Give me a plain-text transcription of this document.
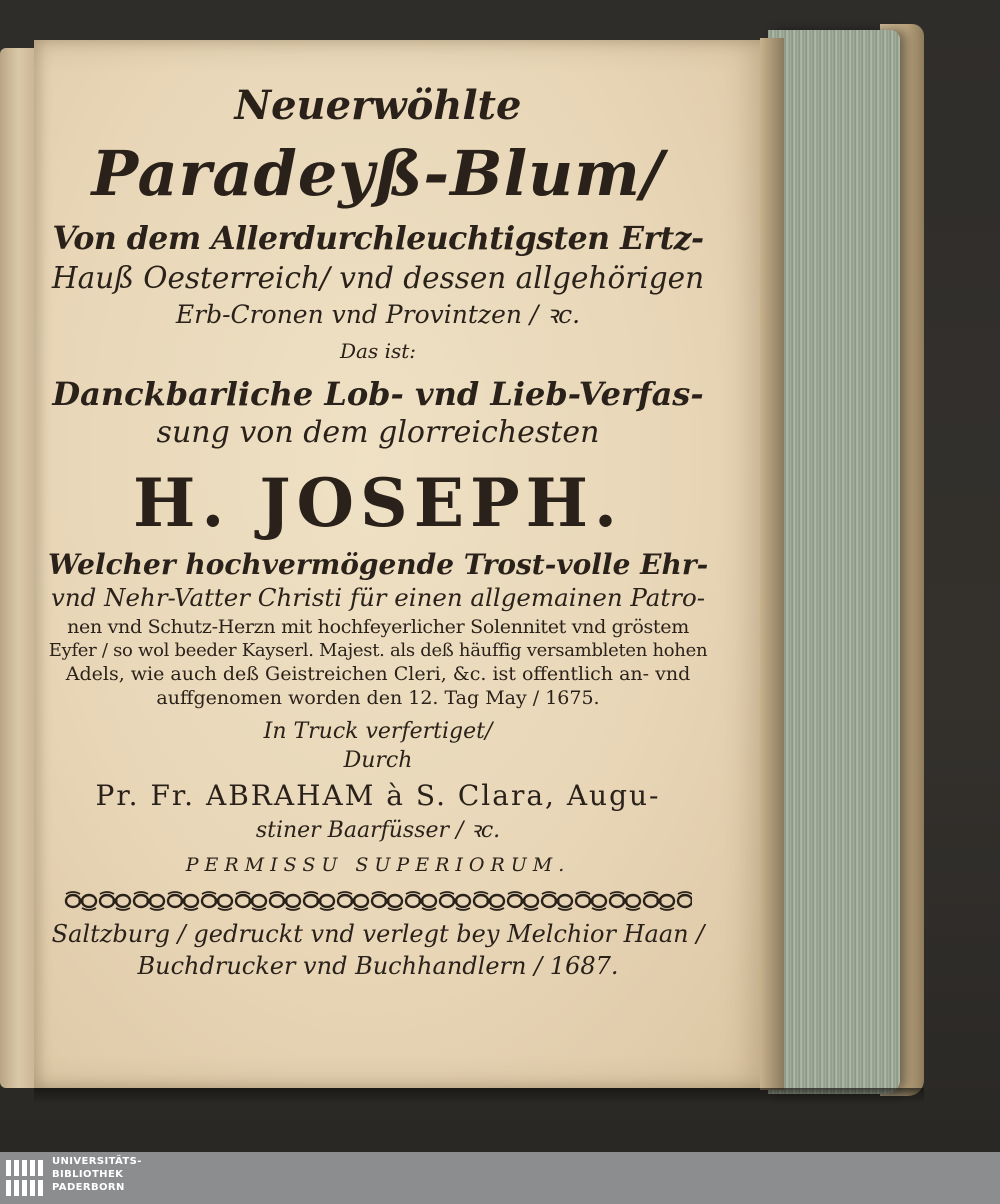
Neuerwöhlte
Paradeyß-Blum/
Von dem Allerdurchleuchtigsten Ertz-
Hauß Oesterreich/ vnd dessen allgehörigen
Erb-Cronen vnd Provintzen / ꝛc.
Das ist:
Danckbarliche Lob- vnd Lieb-Verfas-
sung von dem glorreichesten
H. JOSEPH.
Welcher hochvermögende Trost-volle Ehr-
vnd Nehr-Vatter Christi für einen allgemainen Patro-
nen vnd Schutz-Herzn mit hochfeyerlicher Solennitet vnd gröstem
Eyfer / so wol beeder Kayserl. Majest. als deß häuffig versambleten hohen
Adels, wie auch deß Geistreichen Cleri, &c. ist offentlich an- vnd
auffgenomen worden den 12. Tag May / 1675.
In Truck verfertiget/
Durch
Pr. Fr. ABRAHAM à S. Clara, Augu-
stiner Baarfüsser / ꝛc.
PERMISSU SUPERIORUM.
Saltzburg / gedruckt vnd verlegt bey Melchior Haan /
Buchdrucker vnd Buchhandlern / 1687.
UNIVERSITÄTS-
BIBLIOTHEK
PADERBORN
